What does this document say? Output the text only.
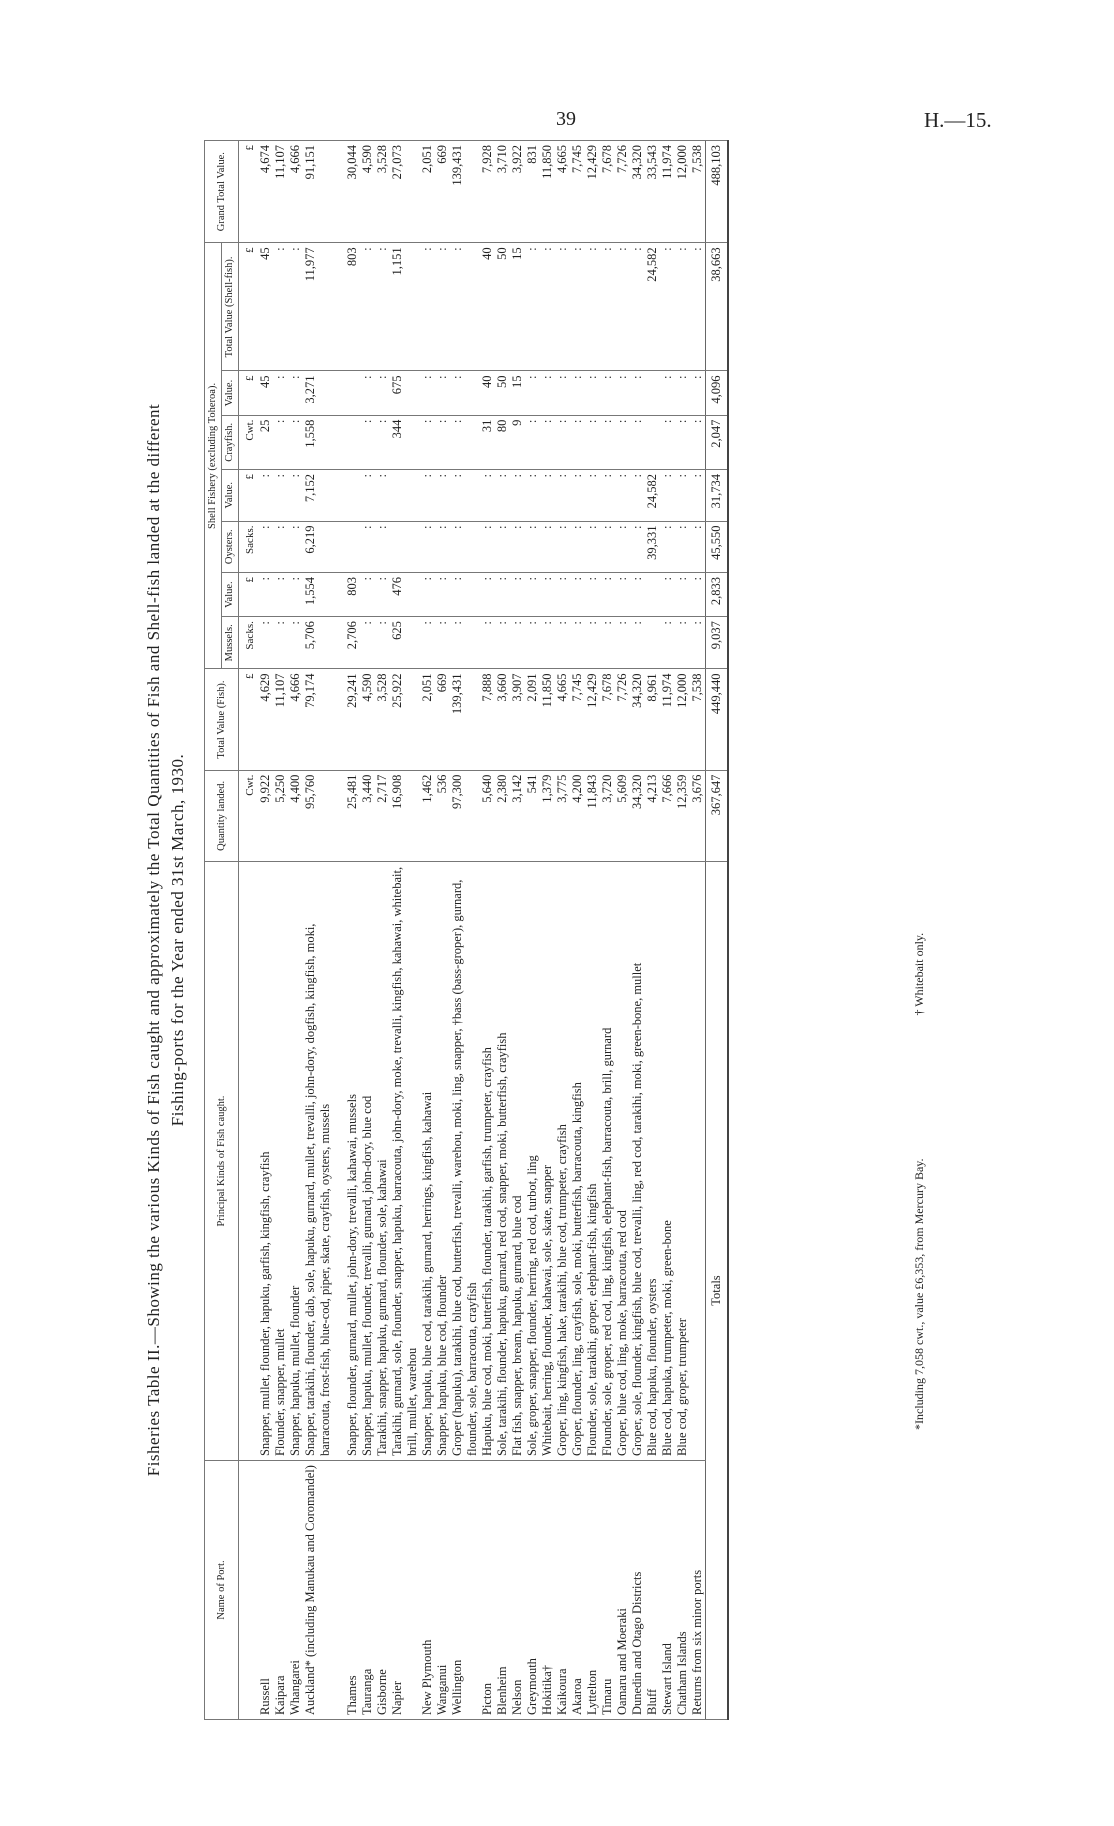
39	H.—15.
Fisheries Table II.—Showing the various Kinds of Fish caught and approximately the Total Quantities of Fish and Shell-fish landed at the different Fishing-ports for the Year ended 31st March, 1930.
Name of Port.	Principal Kinds of Fish caught.	Quantity landed.	Total Value (Fish).	Shell Fishery (excluding Toheroa).							Grand Total Value.
				Mussels.	Value.	Oysters.	Value.	Crayfish.	Value.	Total Value (Shell-fish).	
		Cwt.	£	Sacks.	£	Sacks.	£	Cwt.	£	£	£
Russell	Snapper, mullet, flounder, hapuku, garfish, kingfish, crayfish	9,922	4,629	:	:	:	:	25	45	45	4,674
Kaipara	Flounder, snapper, mullet	5,250	11,107	:	:	:	:	:	:	:	11,107
Whangarei	Snapper, hapuku, mullet, flounder	4,400	4,666	:	:	:	:	:	:	:	4,666
Auckland* (including Manukau and Coromandel)	Snapper, tarakihi, flounder, dab, sole, hapuku, gurnard, mullet, trevalli, john-dory, dogfish, kingfish, moki, barracouta, frost-fish, blue-cod, piper, skate, crayfish, oysters, mussels	95,760	79,174	5,706	1,554	6,219	7,152	1,558	3,271	11,977	91,151

Thames	Snapper, flounder, gurnard, mullet, john-dory, trevalli, kahawai, mussels	25,481	29,241	2,706	803					803	30,044
Tauranga	Snapper, hapuku, mullet, flounder, trevalli, gurnard, john-dory, blue cod	3,440	4,590	:	:	:	:	:	:	:	4,590
Gisborne	Tarakihi, snapper, hapuku, gurnard, flounder, sole, kahawai	2,717	3,528	:	:	:	:	:	:	:	3,528
Napier	Tarakihi, gurnard, sole, flounder, snapper, hapuku, barracouta, john-dory, moke, trevalli, kingfish, kahawai, whitebait, brill, mullet, warehou	16,908	25,922	625	476			344	675	1,151	27,073
New Plymouth	Snapper, hapuku, blue cod, tarakihi, gurnard, herrings, kingfish, kahawai	1,462	2,051	:	:	:	:	:	:	:	2,051
Wanganui	Snapper, hapuku, blue cod, flounder	536	669	:	:	:	:	:	:	:	669
Wellington	Groper (hapuku), tarakihi, blue cod, butterfish, trevalli, warehou, moki, ling, snapper, †bass (bass-groper), gurnard, flounder, sole, barracouta, crayfish	97,300	139,431	:	:	:	:	:	:	:	139,431
Picton	Hapuku, blue cod, moki, butterfish, flounder, tarakihi, garfish, trumpeter, crayfish	5,640	7,888	:	:	:	:	31	40	40	7,928
Blenheim	Sole, tarakihi, flounder, hapuku, gurnard, red cod, snapper, moki, butterfish, crayfish	2,380	3,660	:	:	:	:	80	50	50	3,710
Nelson	Flat fish, snapper, bream, hapuku, gurnard, blue cod	3,142	3,907	:	:	:	:	9	15	15	3,922
Greymouth	Sole, groper, snapper, flounder, herring, red cod, turbot, ling	541	2,091	:	:	:	:	:	:	:	831
Hokitika†	Whitebait, herring, flounder, kahawai, sole, skate, snapper	1,379	11,850	:	:	:	:	:	:	:	11,850
Kaikoura	Groper, ling, kingfish, hake, tarakihi, blue cod, trumpeter, crayfish	3,775	4,665	:	:	:	:	:	:	:	4,665
Akaroa	Groper, flounder, ling, crayfish, sole, moki, butterfish, barracouta, kingfish	4,200	7,745	:	:	:	:	:	:	:	7,745
Lyttelton	Flounder, sole, tarakihi, groper, elephant-fish, kingfish	11,843	12,429	:	:	:	:	:	:	:	12,429
Timaru	Flounder, sole, groper, red cod, ling, kingfish, elephant-fish, barracouta, brill, gurnard	3,720	7,678	:	:	:	:	:	:	:	7,678
Oamaru and Moeraki	Groper, blue cod, ling, moke, barracouta, red cod	5,609	7,726	:	:	:	:	:	:	:	7,726
Dunedin and Otago Districts	Groper, sole, flounder, kingfish, blue cod, trevalli, ling, red cod, tarakihi, moki, green-bone, mullet	34,320	34,320	:	:	:	:	:	:	:	34,320
Bluff	Blue cod, hapuku, flounder, oysters	4,213	8,961			39,331	24,582			24,582	33,543
Stewart Island	Blue cod, hapuka, trumpeter, moki, green-bone	7,666	11,974	:	:	:	:	:	:	:	11,974
Chatham Islands	Blue cod, groper, trumpeter	12,359	12,000	:	:	:	:	:	:	:	12,000
Returns from six minor ports		3,676	7,538	:	:	:	:	:	:	:	7,538
Totals		367,647	449,440	9,037	2,833	45,550	31,734	2,047	4,096	38,663	488,103
*Including 7,058 cwt., value £6,353, from Mercury Bay. † Whitebait only.
